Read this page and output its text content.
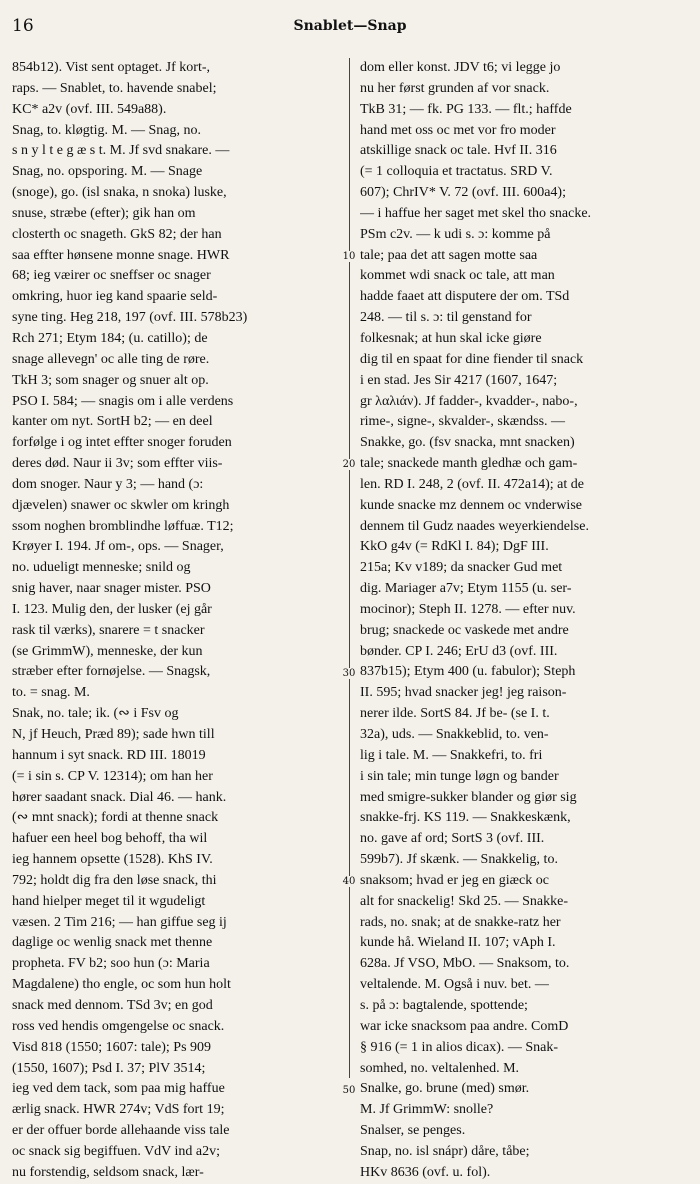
16	Snablet—Snap
854b12). Vist sent optaget. Jf kort-,
raps. — Snablet, to. havende snabel;
KC* a2v (ovf. III. 549a88).
Snag, to. kløgtig. M. — Snag, no.
s n y l t e g æ s t. M. Jf svd snakare. —
Snag, no. opsporing. M. — Snage
(snoge), go. (isl snaka, n snoka) luske,
snuse, stræbe (efter); gik han om
closterth oc snageth. GkS 82; der han
saa effter hønsene monne snage. HWR
68; ieg væirer oc sneffser oc snager
omkring, huor ieg kand spaarie seld-
syne ting. Heg 218, 197 (ovf. III. 578b23)
Rch 271; Etym 184; (u. catillo); de
snage allevegn' oc alle ting de røre.
TkH 3; som snager og snuer alt op.
PSO I. 584; — snagis om i alle verdens
kanter om nyt. SortH b2; — en deel
forfølge i og intet effter snoger foruden
deres død. Naur ii 3v; som effter viis-
dom snoger. Naur y 3; — hand (ɔ:
djævelen) snawer oc skwler om kringh
ssom noghen bromblindhe løffuæ. T12;
Krøyer I. 194. Jf om-, ops. — Snager,
no. udueligt menneske; snild og
snig haver, naar snager mister. PSO
I. 123. Mulig den, der lusker (ej går
rask til værks), snarere = t snacker
(se GrimmW), menneske, der kun
stræber efter fornøjelse. — Snagsk,
to. = snag. M.
Snak, no. tale; ik. (∾ i Fsv og
N, jf Heuch, Præd 89); sade hwn till
hannum i syt snack. RD III. 18019
(= i sin s. CP V. 12314); om han her
hører saadant snack. Dial 46. — hank.
(∾ mnt snack); fordi at thenne snack
hafuer een heel bog behoff, tha wil
ieg hannem opsette (1528). KhS IV.
792; holdt dig fra den løse snack, thi
hand hielper meget til it wgudeligt
væsen. 2 Tim 216; — han giffue seg ij
daglige oc wenlig snack met thenne
propheta. FV b2; soo hun (ɔ: Maria
Magdalene) tho engle, oc som hun holt
snack med dennom. TSd 3v; en god
ross ved hendis omgengelse oc snack.
Visd 818 (1550; 1607: tale); Ps 909
(1550, 1607); Psd I. 37; PlV 3514;
ieg ved dem tack, som paa mig haffue
ærlig snack. HWR 274v; VdS fort 19;
er der offuer borde allehaande viss tale
oc snack sig begiffuen. VdV ind a2v;
nu forstendig, seldsom snack, lær-
10
20
30
40
50
dom eller konst. JDV t6; vi legge jo
nu her først grunden af vor snack.
TkB 31; — fk. PG 133. — flt.; haffde
hand met oss oc met vor fro moder
atskillige snack oc tale. Hvf II. 316
(= 1 colloquia et tractatus. SRD V.
607); ChrIV* V. 72 (ovf. III. 600a4);
— i haffue her saget met skel tho snacke.
PSm c2v. — k udi s. ɔ: komme på
tale; paa det att sagen motte saa
kommet wdi snack oc tale, att man
hadde faaet att disputere der om. TSd
248. — til s. ɔ: til genstand for
folkesnak; at hun skal icke giøre
dig til en spaat for dine fiender til snack
i en stad. Jes Sir 4217 (1607, 1647;
gr λαλιάν). Jf fadder-, kvadder-, nabo-,
rime-, signe-, skvalder-, skændss. —
Snakke, go. (fsv snacka, mnt snacken)
tale; snackede manth gledhæ och gam-
len. RD I. 248, 2 (ovf. II. 472a14); at de
kunde snacke mz dennem oc vnderwise
dennem til Gudz naades weyerkiendelse.
KkO g4v (= RdKl I. 84); DgF III.
215a; Kv v189; da snacker Gud met
dig. Mariager a7v; Etym 1155 (u. ser-
mocinor); Steph II. 1278. — efter nuv.
brug; snackede oc vaskede met andre
bønder. CP I. 246; ErU d3 (ovf. III.
837b15); Etym 400 (u. fabulor); Steph
II. 595; hvad snacker jeg! jeg raison-
nerer ilde. SortS 84. Jf be- (se I. t.
32a), uds. — Snakkeblid, to. ven-
lig i tale. M. — Snakkefri, to. fri
i sin tale; min tunge løgn og bander
med smigre-sukker blander og giør sig
snakke-frj. KS 119. — Snakkeskænk,
no. gave af ord; SortS 3 (ovf. III.
599b7). Jf skænk. — Snakkelig, to.
snaksom; hvad er jeg en giæck oc
alt for snackelig! Skd 25. — Snakke-
rads, no. snak; at de snakke-ratz her
kunde hå. Wieland II. 107; vAph I.
628a. Jf VSO, MbO. — Snaksom, to.
veltalende. M. Også i nuv. bet. —
s. på ɔ: bagtalende, spottende;
war icke snacksom paa andre. ComD
§ 916 (= 1 in alios dicax). — Snak-
somhed, no. veltalenhed. M.
Snalke, go. brune (med) smør.
M. Jf GrimmW: snolle?
Snalser, se penges.
Snap, no. isl snápr) dåre, tåbe;
HKv 8636 (ovf. u. fol).
